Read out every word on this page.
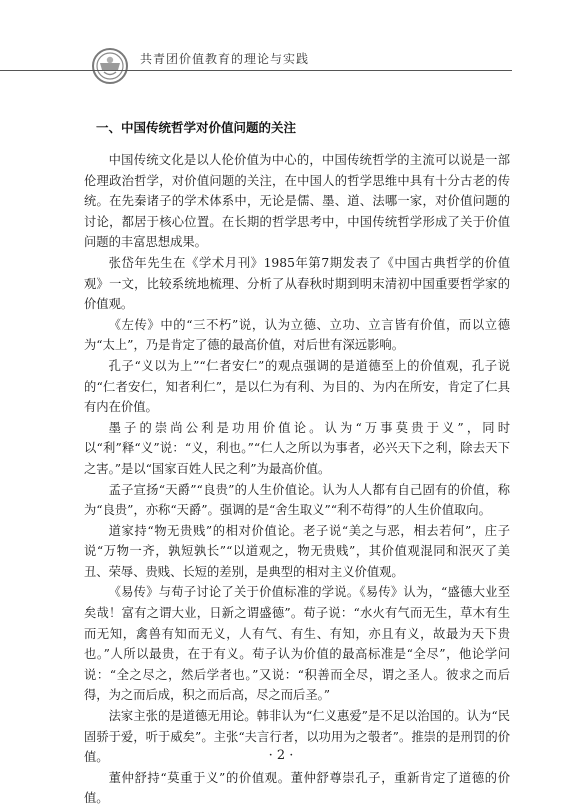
共青团价值教育的理论与实践
一、中国传统哲学对价值问题的关注

中国传统文化是以人伦价值为中心的，中国传统哲学的主流可以说是一部伦理政治哲学，对价值问题的关注，在中国人的哲学思维中具有十分古老的传统。在先秦诸子的学术体系中，无论是儒、墨、道、法哪一家，对价值问题的讨论，都居于核心位置。在长期的哲学思考中，中国传统哲学形成了关于价值问题的丰富思想成果。

张岱年先生在《学术月刊》1985年第7期发表了《中国古典哲学的价值观》一文，比较系统地梳理、分析了从春秋时期到明末清初中国重要哲学家的价值观。

《左传》中的“三不朽”说，认为立德、立功、立言皆有价值，而以立德为“太上”，乃是肯定了德的最高价值，对后世有深远影响。

孔子“义以为上”“仁者安仁”的观点强调的是道德至上的价值观，孔子说的“仁者安仁，知者利仁”，是以仁为有利、为目的、为内在所安，肯定了仁具有内在价值。

墨子的崇尚公利是功用价值论。认为“万事莫贵于义”，同时以“利”释“义”说：“义，利也。”“仁人之所以为事者，必兴天下之利，除去天下之害。”是以“国家百姓人民之利”为最高价值。

孟子宣扬“天爵”“良贵”的人生价值论。认为人人都有自己固有的价值，称为“良贵”，亦称“天爵”。强调的是“舍生取义”“利不苟得”的人生价值取向。

道家持“物无贵贱”的相对价值论。老子说“美之与恶，相去若何”，庄子说“万物一齐，孰短孰长”“以道观之，物无贵贱”，其价值观混同和泯灭了美丑、荣辱、贵贱、长短的差别，是典型的相对主义价值观。

《易传》与荀子讨论了关于价值标准的学说。《易传》认为，“盛德大业至矣哉！富有之谓大业，日新之谓盛德”。荀子说：“水火有气而无生，草木有生而无知，禽兽有知而无义，人有气、有生、有知，亦且有义，故最为天下贵也。”人所以最贵，在于有义。荀子认为价值的最高标准是“全尽”，他论学问说：“全之尽之，然后学者也。”又说：“积善而全尽，谓之圣人。彼求之而后得，为之而后成，积之而后高，尽之而后圣。”

法家主张的是道德无用论。韩非认为“仁义惠爱”是不足以治国的。认为“民固骄于爱，听于威矣”。主张“夫言行者，以功用为之彀者”。推崇的是刑罚的价值。

董仲舒持“莫重于义”的价值观。董仲舒尊崇孔子，重新肯定了道德的价值。

· 2 ·
